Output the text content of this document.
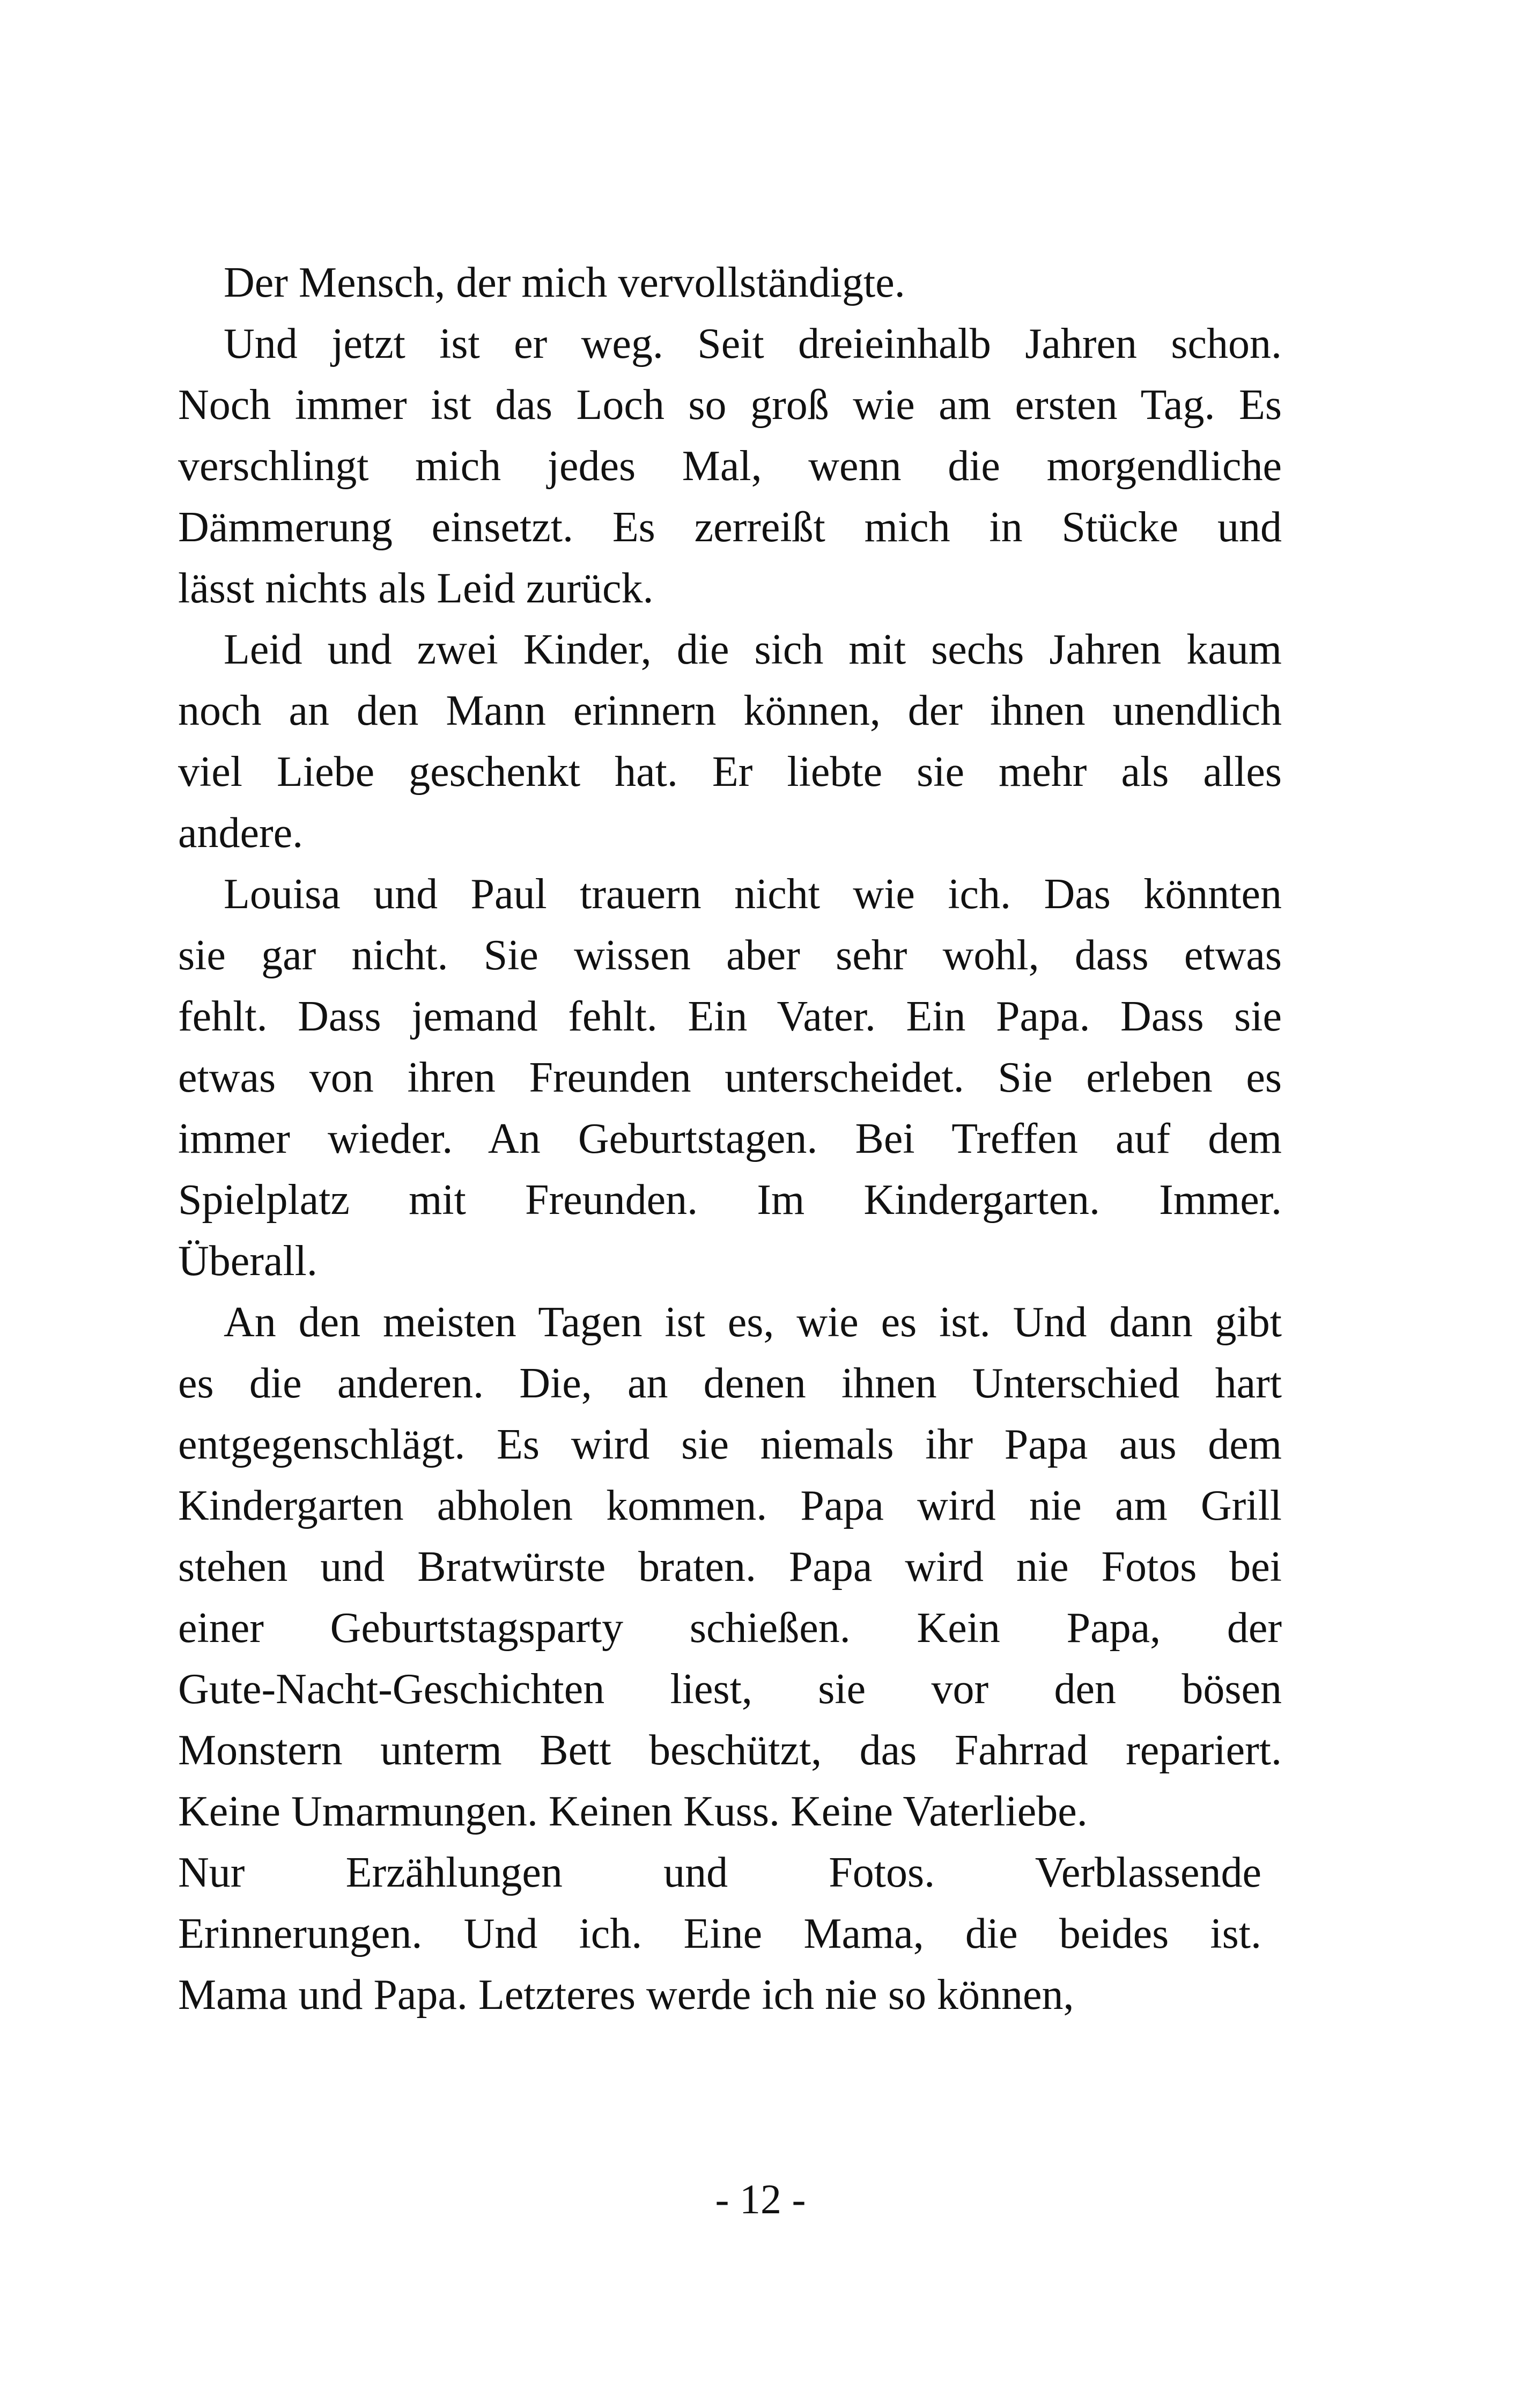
Der Mensch, der mich vervollständigte.
Und jetzt ist er weg. Seit dreieinhalb Jahren schon.
Noch immer ist das Loch so groß wie am ersten Tag. Es
verschlingt mich jedes Mal, wenn die morgendliche
Dämmerung einsetzt. Es zerreißt mich in Stücke und
lässt nichts als Leid zurück.
Leid und zwei Kinder, die sich mit sechs Jahren kaum
noch an den Mann erinnern können, der ihnen unendlich
viel Liebe geschenkt hat. Er liebte sie mehr als alles
andere.
Louisa und Paul trauern nicht wie ich. Das könnten
sie gar nicht. Sie wissen aber sehr wohl, dass etwas
fehlt. Dass jemand fehlt. Ein Vater. Ein Papa. Dass sie
etwas von ihren Freunden unterscheidet. Sie erleben es
immer wieder. An Geburtstagen. Bei Treffen auf dem
Spielplatz mit Freunden. Im Kindergarten. Immer.
Überall.
An den meisten Tagen ist es, wie es ist. Und dann gibt
es die anderen. Die, an denen ihnen Unterschied hart
entgegenschlägt. Es wird sie niemals ihr Papa aus dem
Kindergarten abholen kommen. Papa wird nie am Grill
stehen und Bratwürste braten. Papa wird nie Fotos bei
einer Geburtstagsparty schießen. Kein Papa, der
Gute-Nacht-Geschichten liest, sie vor den bösen
Monstern unterm Bett beschützt, das Fahrrad repariert.
Keine Umarmungen. Keinen Kuss. Keine Vaterliebe.
Nur Erzählungen und Fotos. Verblassende
Erinnerungen. Und ich. Eine Mama, die beides ist.
Mama und Papa. Letzteres werde ich nie so können,
- 12 -
